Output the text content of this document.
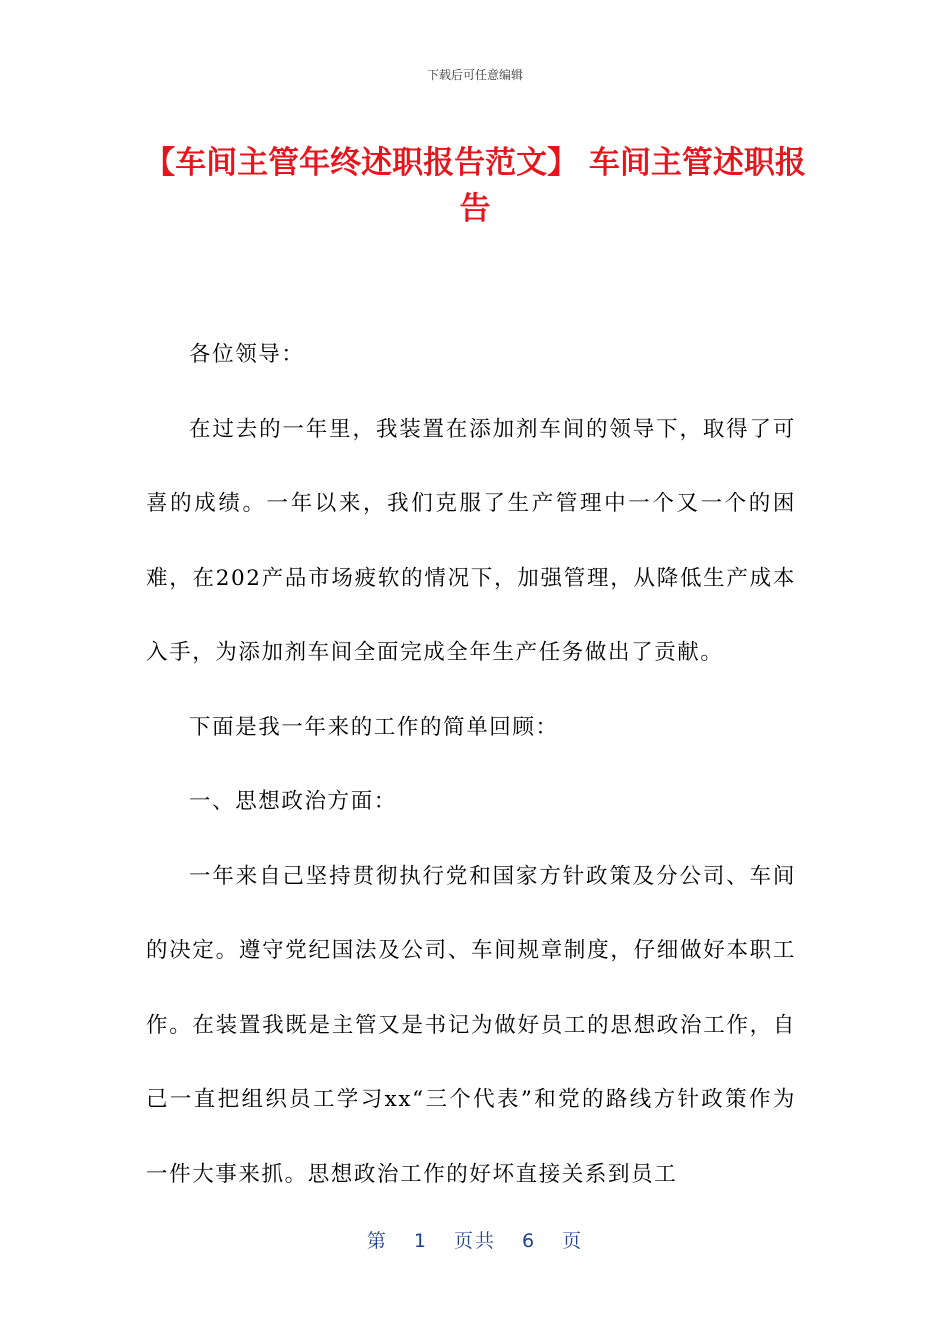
下载后可任意编辑
【车间主管年终述职报告范文】 车间主管述职报告

各位领导：

在过去的一年里，我装置在添加剂车间的领导下，取得了可喜的成绩。一年以来，我们克服了生产管理中一个又一个的困难，在202产品市场疲软的情况下，加强管理，从降低生产成本入手，为添加剂车间全面完成全年生产任务做出了贡献。

下面是我一年来的工作的简单回顾：

一、思想政治方面：

一年来自己坚持贯彻执行党和国家方针政策及分公司、车间的决定。遵守党纪国法及公司、车间规章制度，仔细做好本职工作。在装置我既是主管又是书记为做好员工的思想政治工作，自己一直把组织员工学习xx“三个代表”和党的路线方针政策作为一件大事来抓。思想政治工作的好坏直接关系到员工

第 1 页共 6 页
